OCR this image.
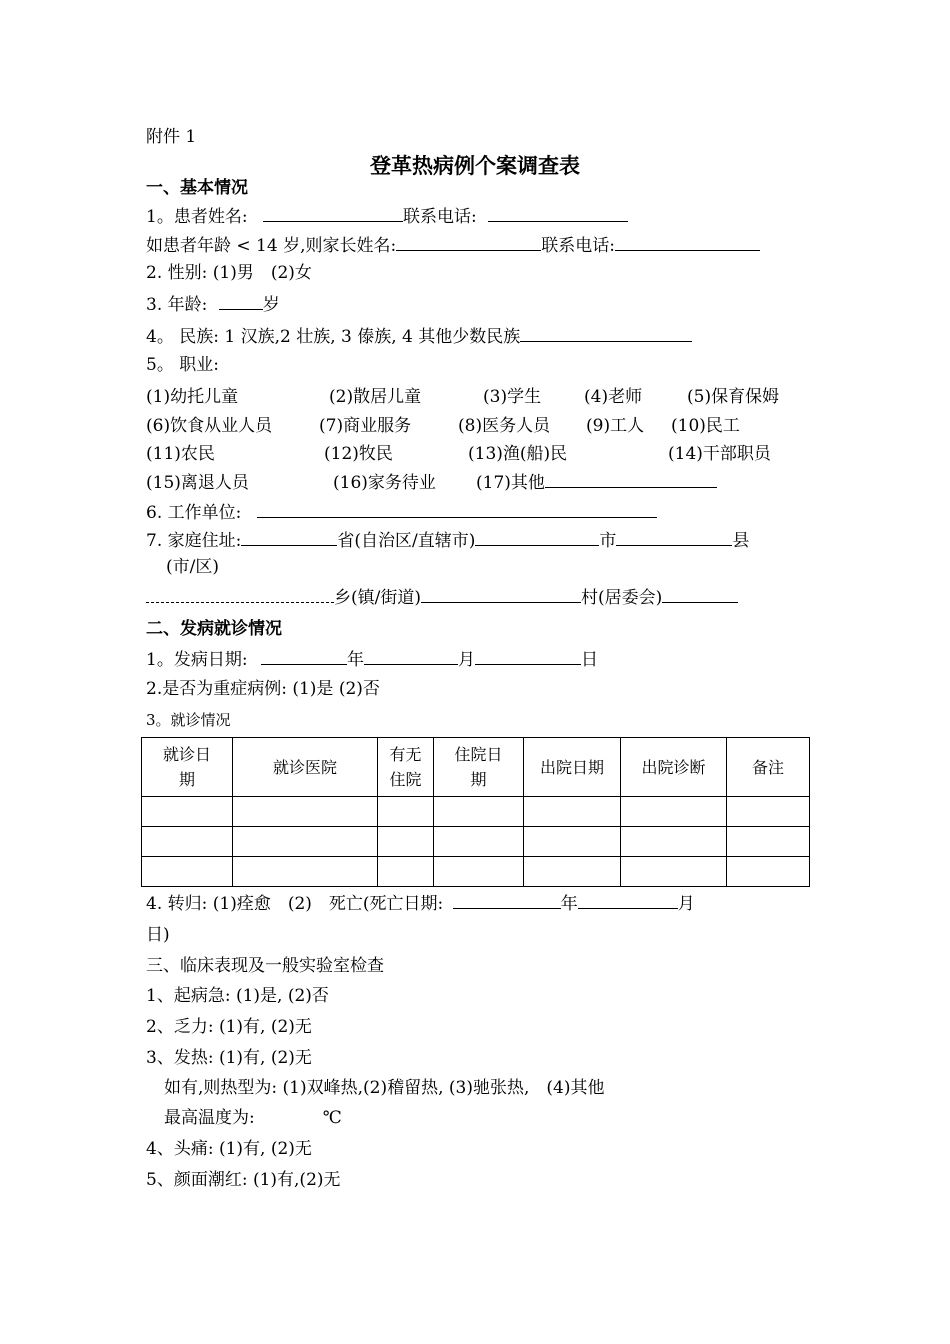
附件 1
登革热病例个案调查表
一、基本情况
1。患者姓名:	联系电话:
如患者年龄 < 14 岁,则家长姓名:	联系电话:
2. 性别: (1)男　(2)女
3. 年龄:	岁
4。 民族: 1 汉族,2 壮族, 3 傣族, 4 其他少数民族
5。 职业:
(1)幼托儿童	(2)散居儿童	(3)学生	(4)老师	(5)保育保姆
(6)饮食从业人员	(7)商业服务	(8)医务人员 (9)工人 (10)民工
(11)农民	(12)牧民	(13)渔(船)民	(14)干部职员
(15)离退人员	(16)家务待业 (17)其他
6. 工作单位:
7. 家庭住址:	省(自治区/直辖市)	市	县
(市/区)
乡(镇/街道)	村(居委会)
二、发病就诊情况
1。发病日期:	年	月	日
2.是否为重症病例: (1)是 (2)否
3。就诊情况
就诊日期	就诊医院	有无住院	住院日期	出院日期	出院诊断	备注

4. 转归: (1)痊愈　(2)　死亡(死亡日期:	年	月
日)
三、临床表现及一般实验室检查
1、起病急: (1)是, (2)否
2、乏力: (1)有, (2)无
3、发热: (1)有, (2)无
如有,则热型为: (1)双峰热,(2)稽留热, (3)驰张热,　(4)其他
最高温度为:　　　　℃
4、头痛: (1)有, (2)无
5、颜面潮红: (1)有,(2)无
